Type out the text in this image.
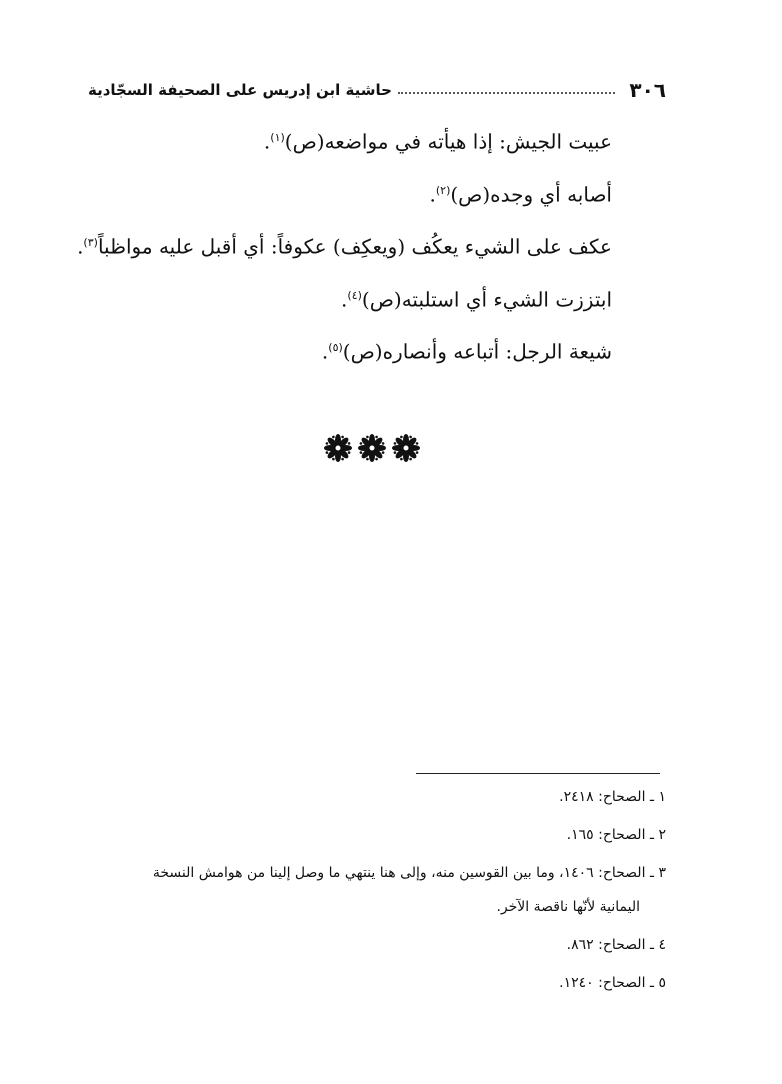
٣٠٦
حاشية ابن إدريس على الصحيفة السجّادية
عبيت الجيش: إذا هيأته في مواضعه(ص)$^{(١)}$.
أصابه أي وجده(ص)$^{(٢)}$.
عكف على الشيء يعكُف (ويعكِف) عكوفاً: أي أقبل عليه مواظباً$^{(٣)}$.
ابتززت الشيء أي استلبته(ص)$^{(٤)}$.
شيعة الرجل: أتباعه وأنصاره(ص)$^{(٥)}$.
١ ـ الصحاح: ٢٤١٨.
٢ ـ الصحاح: ١٦٥.
٣ ـ الصحاح: ١٤٠٦، وما بين القوسين منه، وإلى هنا ينتهي ما وصل إلينا من هوامش النسخة
اليمانية لأنّها ناقصة الآخر.
٤ ـ الصحاح: ٨٦٢.
٥ ـ الصحاح: ١٢٤٠.
